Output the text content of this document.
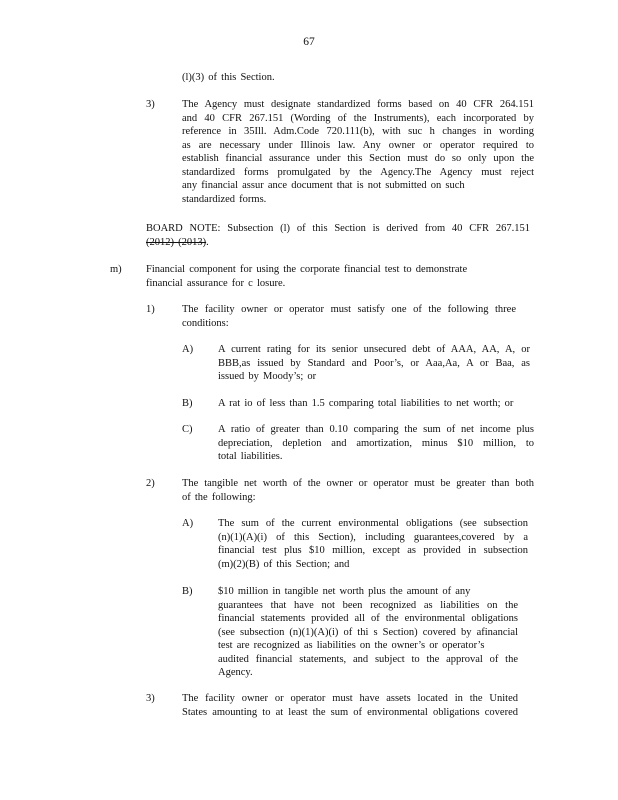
67
(l)(3) of this Section.
3)	The Agency must designate standardized forms based on 40 CFR 264.151
and 40 CFR 267.151 (Wording of the Instruments), each incorporated by
reference in 35Ill. Adm.Code 720.111(b), with suc h changes in wording
as are necessary under Illinois law. Any owner or operator required to
establish financial assurance under this Section must do so only upon the
standardized forms promulgated by the Agency.The Agency must reject
any financial assur ance document that is not submitted on such
standardized forms.
BOARD NOTE: Subsection (l) of this Section is derived from 40 CFR 267.151
(2012) (2013).
m) Financial component for using the corporate financial test to demonstrate
financial assurance for c losure.
1)	The facility owner or operator must satisfy one of the following three
conditions:
A) A current rating for its senior unsecured debt of AAA, AA, A, or
BBB,as issued by Standard and Poor’s, or Aaa,Aa, A or Baa, as
issued by Moody’s; or
B) A rat io of less than 1.5 comparing total liabilities to net worth; or
C) A ratio of greater than 0.10 comparing the sum of net income plus
depreciation, depletion and amortization, minus $10 million, to
total liabilities.
2)	The tangible net worth of the owner or operator must be greater than both
of the following:
A) The sum of the current environmental obligations (see subsection
(n)(1)(A)(i) of this Section), including guarantees,covered by a
financial test plus $10 million, except as provided in subsection
(m)(2)(B) of this Section; and
B) $10 million in tangible net worth plus the amount of any
guarantees that have not been recognized as liabilities on the
financial statements provided all of the environmental obligations
(see subsection (n)(1)(A)(i) of thi s Section) covered by afinancial
test are recognized as liabilities on the owner’s or operator’s
audited financial statements, and subject to the approval of the
Agency.
3)	The facility owner or operator must have assets located in the United
States amounting to at least the sum of environmental obligations covered
